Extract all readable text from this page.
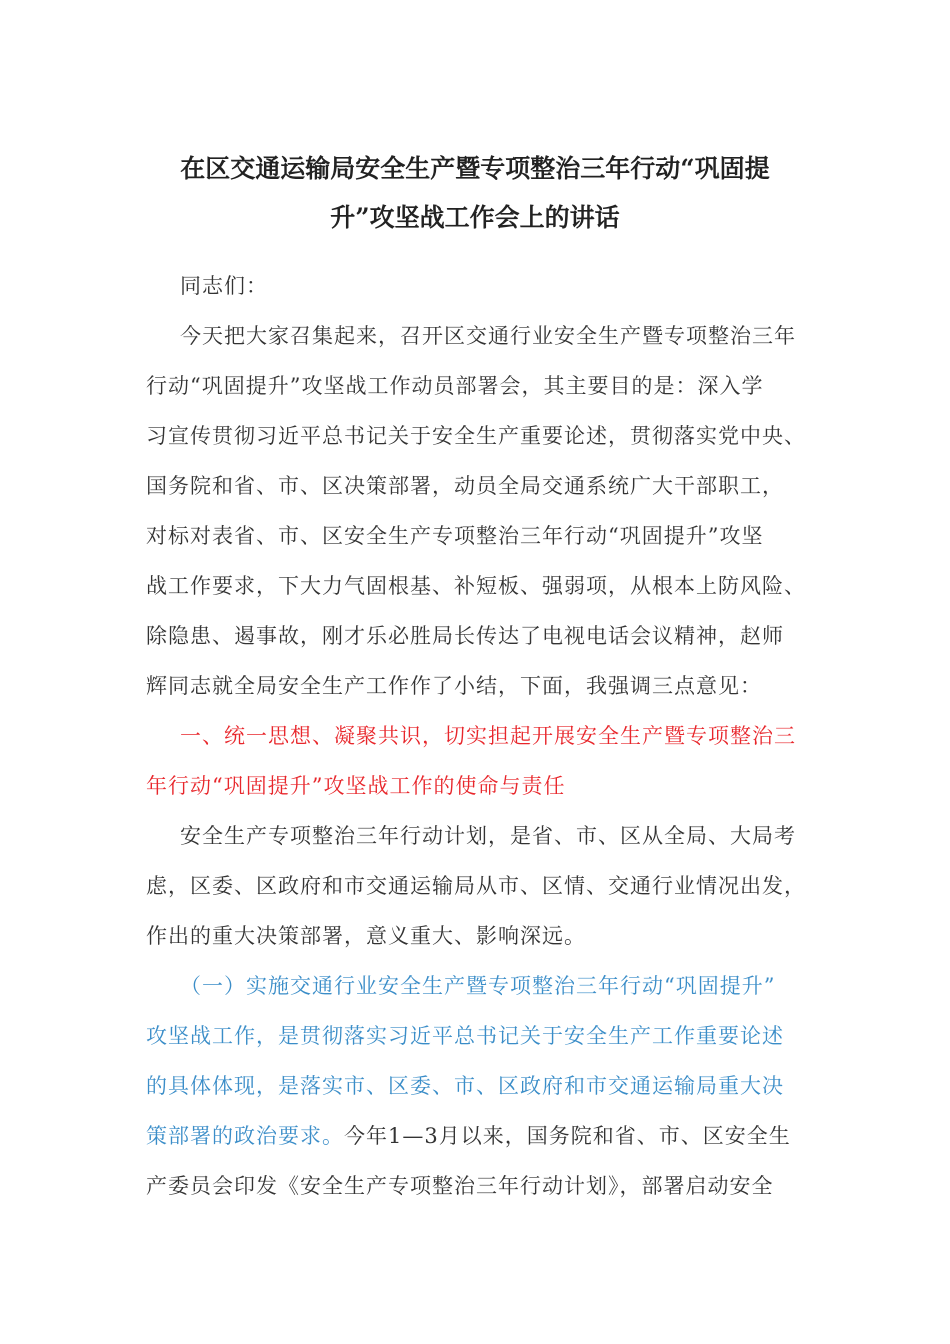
在区交通运输局安全生产暨专项整治三年行动“巩固提
升”攻坚战工作会上的讲话
同志们：
今天把大家召集起来，召开区交通行业安全生产暨专项整治三年
行动“巩固提升”攻坚战工作动员部署会，其主要目的是：深入学
习宣传贯彻习近平总书记关于安全生产重要论述，贯彻落实党中央、
国务院和省、市、区决策部署，动员全局交通系统广大干部职工，
对标对表省、市、区安全生产专项整治三年行动“巩固提升”攻坚
战工作要求，下大力气固根基、补短板、强弱项，从根本上防风险、
除隐患、遏事故，刚才乐必胜局长传达了电视电话会议精神，赵师
辉同志就全局安全生产工作作了小结，下面，我强调三点意见：
一、统一思想、凝聚共识，切实担起开展安全生产暨专项整治三
年行动“巩固提升”攻坚战工作的使命与责任
安全生产专项整治三年行动计划，是省、市、区从全局、大局考
虑，区委、区政府和市交通运输局从市、区情、交通行业情况出发，
作出的重大决策部署，意义重大、影响深远。
（一）实施交通行业安全生产暨专项整治三年行动“巩固提升”
攻坚战工作，是贯彻落实习近平总书记关于安全生产工作重要论述
的具体体现，是落实市、区委、市、区政府和市交通运输局重大决
策部署的政治要求。今年1—3月以来，国务院和省、市、区安全生
产委员会印发《安全生产专项整治三年行动计划》，部署启动安全
